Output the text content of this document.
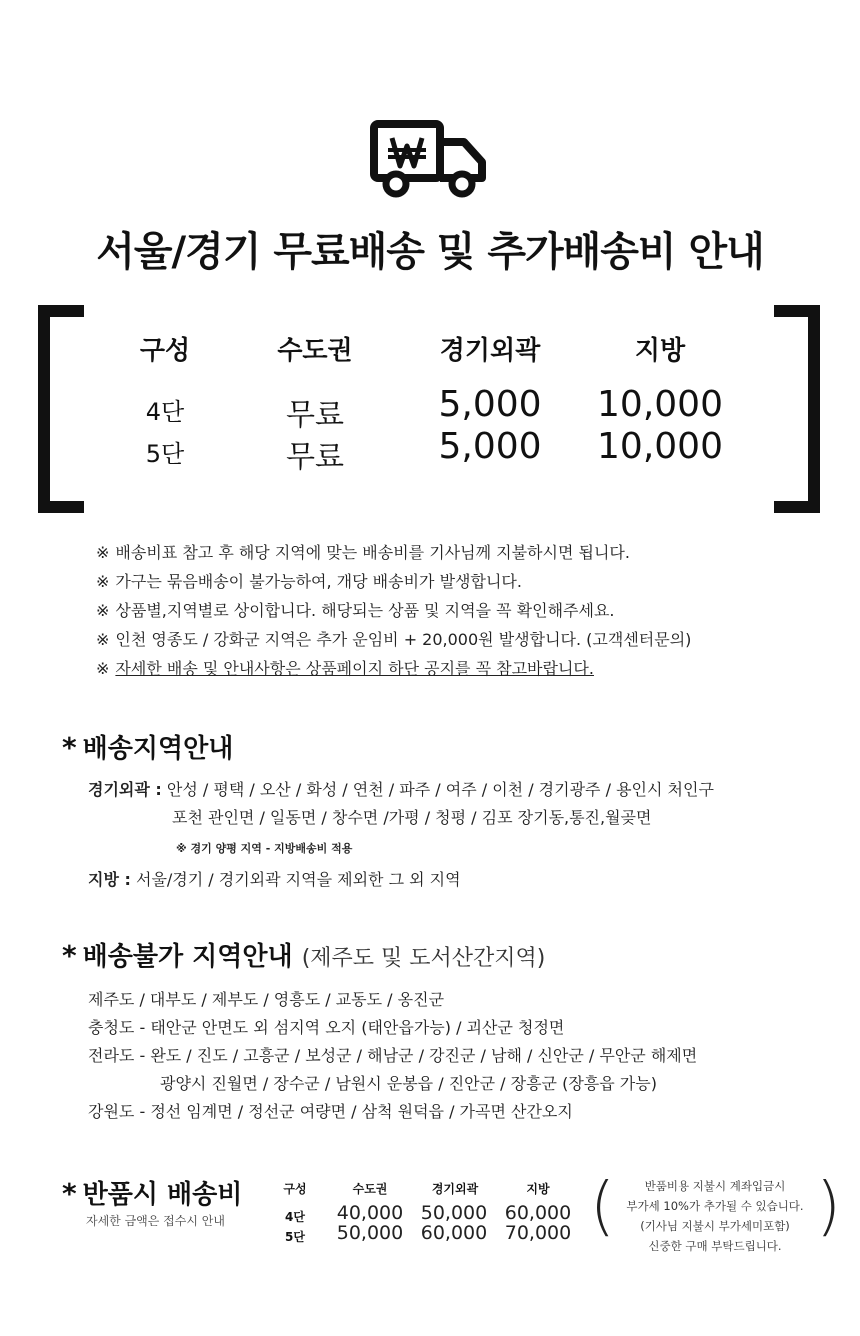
서울/경기 무료배송 및 추가배송비 안내
구성	수도권	경기외곽	지방
4단	무료	5,000	10,000
5단	무료	5,000	10,000
※ 배송비표 참고 후 해당 지역에 맞는 배송비를 기사님께 지불하시면 됩니다.
※ 가구는 묶음배송이 불가능하여, 개당 배송비가 발생합니다.
※ 상품별,지역별로 상이합니다. 해당되는 상품 및 지역을 꼭 확인해주세요.
※ 인천 영종도 / 강화군 지역은 추가 운임비 + 20,000원 발생합니다. (고객센터문의)
※ 자세한 배송 및 안내사항은 상품페이지 하단 공지를 꼭 참고바랍니다.
* 배송지역안내
경기외곽 : 안성 / 평택 / 오산 / 화성 / 연천 / 파주 / 여주 / 이천 / 경기광주 / 용인시 처인구
포천 관인면 / 일동면 / 창수면 /가평 / 청평 / 김포 장기동,통진,월곶면
※ 경기 양평 지역 - 지방배송비 적용
지방 : 서울/경기 / 경기외곽 지역을 제외한 그 외 지역
* 배송불가 지역안내 (제주도 및 도서산간지역)
제주도 / 대부도 / 제부도 / 영흥도 / 교동도 / 옹진군
충청도 - 태안군 안면도 외 섬지역 오지 (태안읍가능) / 괴산군 청정면
전라도 - 완도 / 진도 / 고흥군 / 보성군 / 해남군 / 강진군 / 남해 / 신안군 / 무안군 해제면
광양시 진월면 / 장수군 / 남원시 운봉읍 / 진안군 / 장흥군 (장흥읍 가능)
강원도 - 정선 임계면 / 정선군 여량면 / 삼척 원덕읍 / 가곡면 산간오지
* 반품시 배송비
자세한 금액은 접수시 안내
구성	수도권	경기외곽	지방
4단	40,000 50,000 60,000
5단	50,000 60,000 70,000 (	)
반품비용 지불시 계좌입금시
부가세 10%가 추가될 수 있습니다.
(기사님 지불시 부가세미포함)
신중한 구매 부탁드립니다.
